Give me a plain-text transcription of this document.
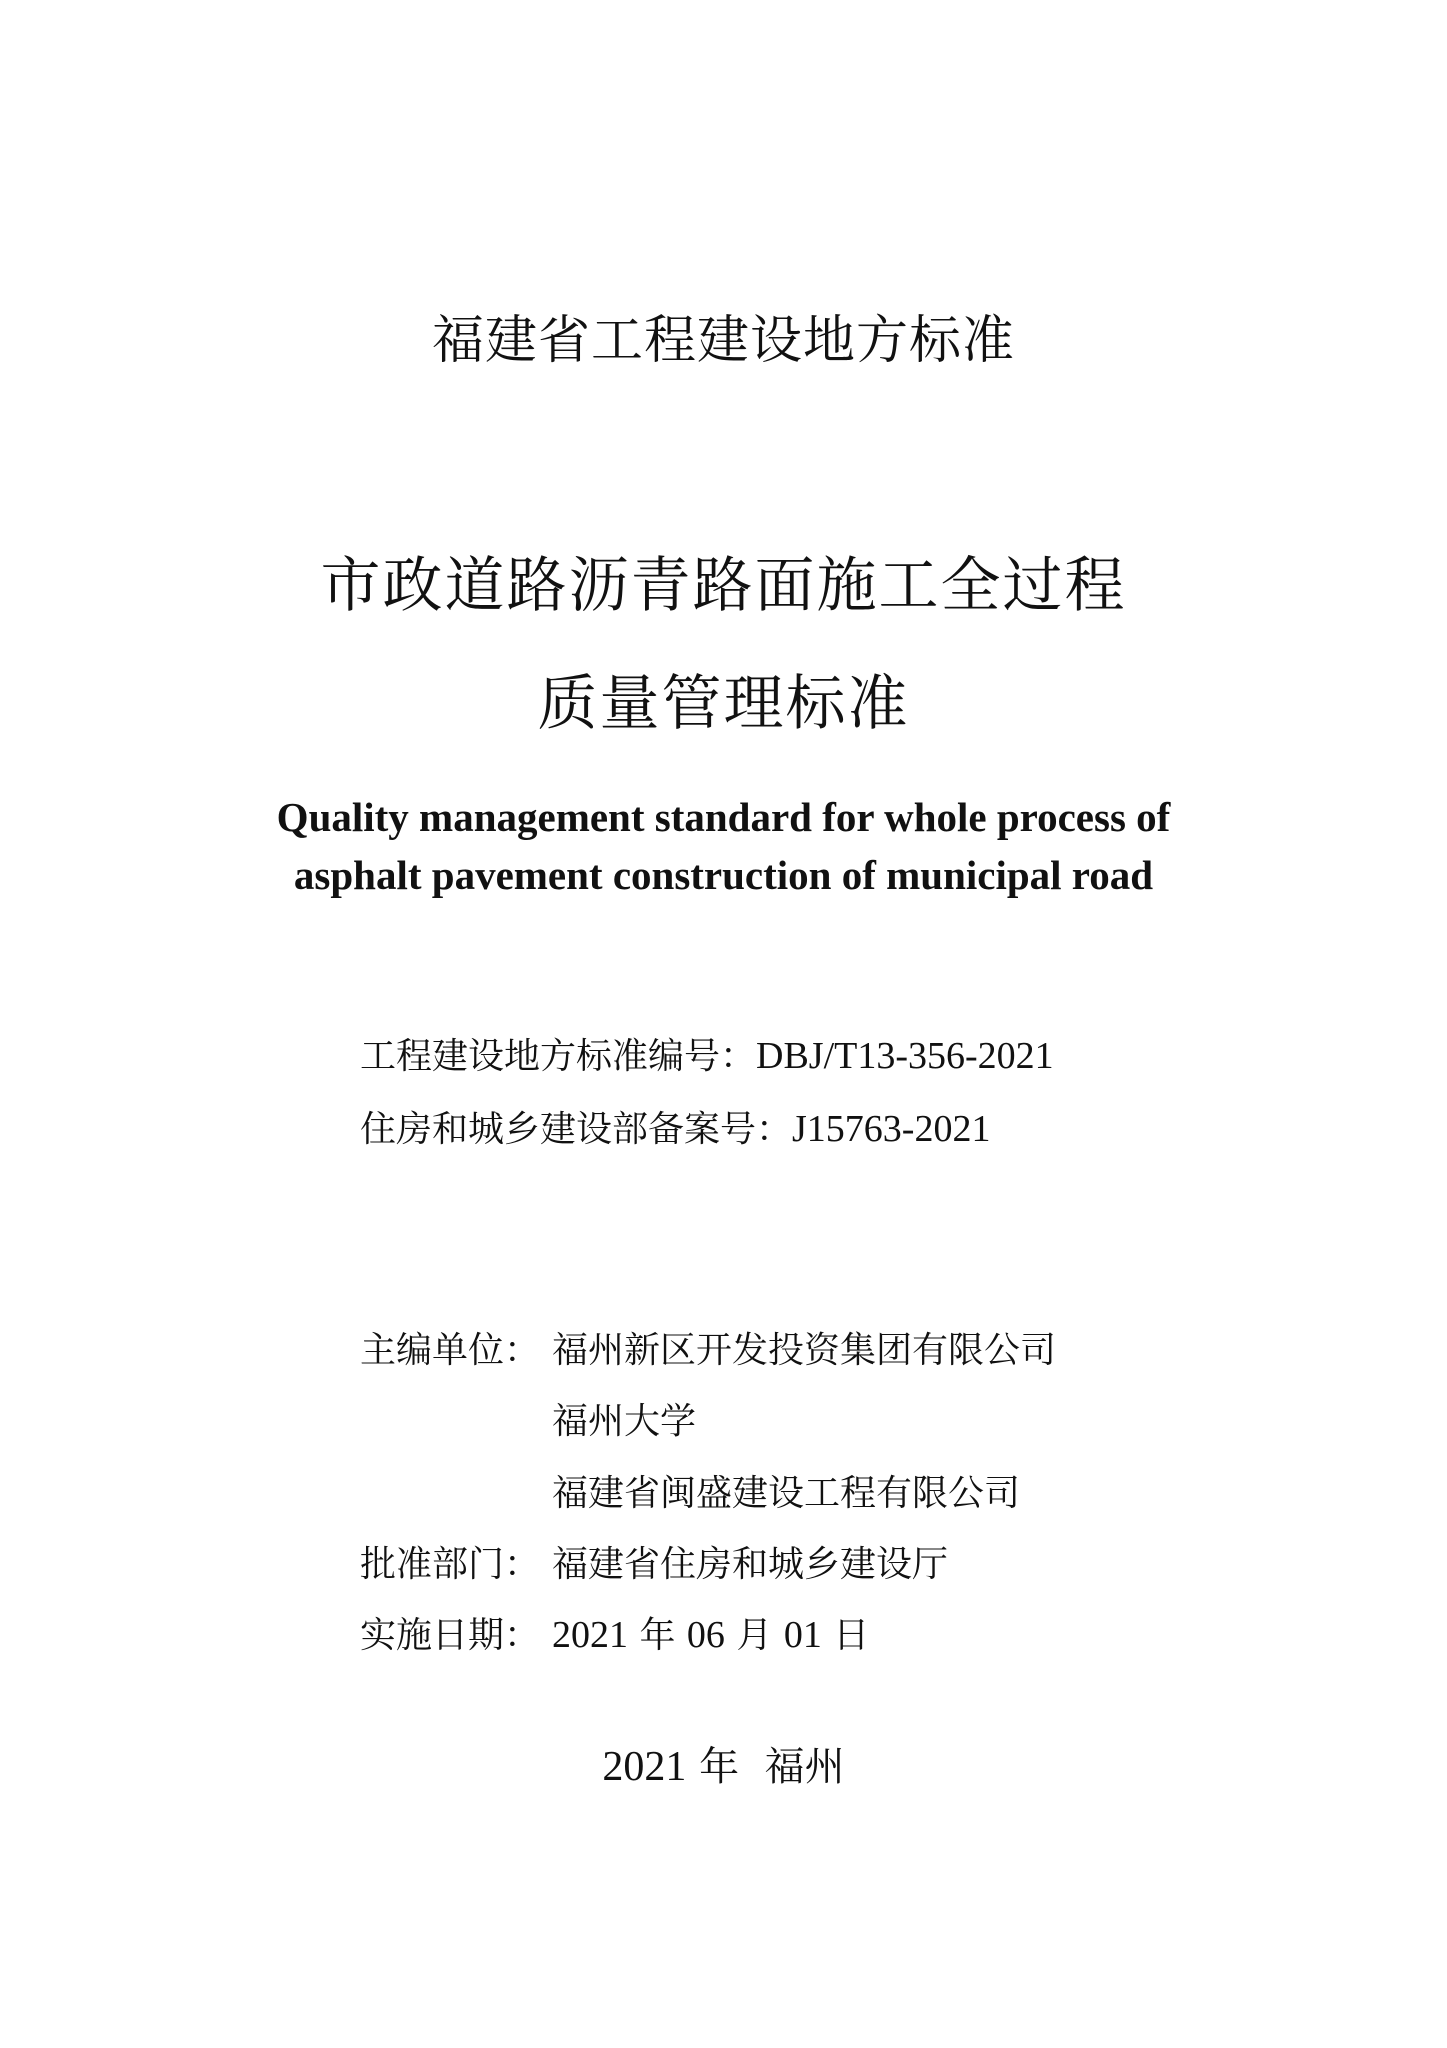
福建省工程建设地方标准
市政道路沥青路面施工全过程
质量管理标准
Quality management standard for whole process of
asphalt pavement construction of municipal road
工程建设地方标准编号：DBJ/T13-356-2021
住房和城乡建设部备案号：J15763-2021
主编单位： 福州新区开发投资集团有限公司
福州大学
福建省闽盛建设工程有限公司
批准部门： 福建省住房和城乡建设厅
实施日期： 2021 年 06 月 01 日
2021 年 福州
